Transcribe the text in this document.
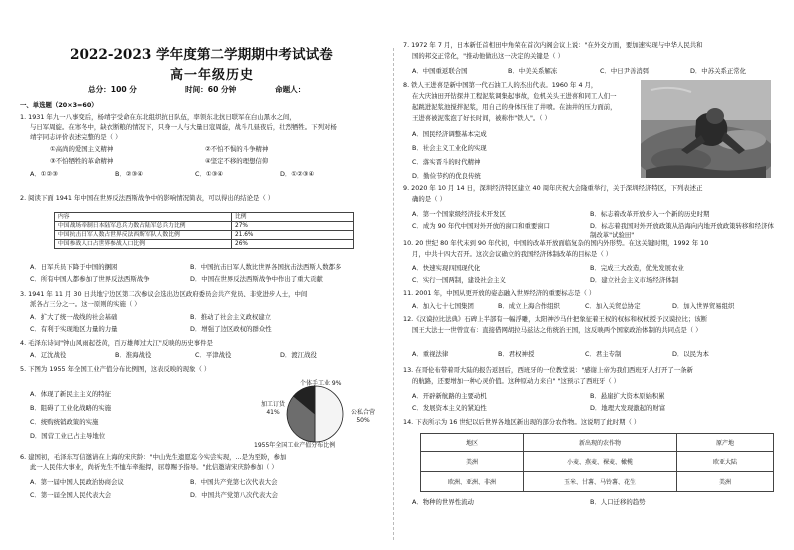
2022-2023 学年度第二学期期中考试试卷
高一年级历史
总分：100 分	时间：60 分钟	命题人：
一、单选题（20×3=60）
1. 1931 年九一八事变后，杨靖宇受命在东北组织抗日队伍，率领东北抗日联军在白山黑水之间，
与日军周旋。在寒冬中，缺衣断粮的情况下，只身一人与大量日寇周旋，战斗几昼夜后，壮烈牺牲。下列对杨
靖宇同志评价表述完整的是（ ）
①高尚的爱国主义精神	②不怕不惧的斗争精神
③不怕牺牲的革命精神	④坚定不移的理想信仰
A．①②③	B．②③④	C．①③④	D．①②③④
2. 阅读下面 1941 年中国在世界反法西斯战争中的影响情况简表，可以得出的结论是（ ）
内容	比例
中国战场牵制日本陆军总兵力数占陆军总兵力比例	27%
中国抗击日军人数占世界反法西斯军队人数比例	21.6%
中国参战人口占世界参战人口比例	26%
A．日军兵员下降于中国的捆困	B．中国抗击日军人数比世界各国抗击法西斯人数都多
C．所有中国人都参加了世界反法西斯战争	D．中国在世界反法西斯战争中作出了重大贡献
3. 1941 年 11 月 30 日共地宁边区第二次参议会选出边区政府委员会共产党员、非党进步人士，中间
派各占三分之一。这一原则的实施（ ）
A．扩大了统一战线的社会基础	B．推动了社会主义政权建立
C．有利于实现地区力量的力量	D．增强了边区政权的群众性
4. 毛泽东诗词"钟山风雨起苍黄，百万雄师过大江"反映的历史事件是
A．辽沈战役	B．淮海战役	C．平津战役	D．渡江战役
5. 下图为 1955 年全国工业产值分布比例图，这表反映的现象（ ）
A．体现了新民主主义的特征
B．阻碍了工业化战略的实施
C．统购统销政策的实施
D．国营工业已占主导地位
个体手工业 9%
加工订货 41%	公私合营 50%
1955年全国工业产值分布比例
6. 建国初，毛泽东写信邀请在上海的宋庆龄："中山先生遗愿迄今实尝实现，...是为至盼，参加
此一人民伟大事业，尚祈先生不恤车牵拖捍，屈尊赐予指导。"此信邀请宋庆龄参加（ ）
A．第一届中国人民政治协商会议	B．中国共产党第七次代表大会
C．第一届全国人民代表大会	D．中国共产党第八次代表大会
7. 1972 年 7 月，日本新任首相田中角荣在首次内阁会议上说："在外交方面，要加速实现与中华人民共和
国的邦交正常化，"推动他做出这一决定的关键是（ ）
A．中国重返联合国	B．中美关系解冻	C．中日尹善消弭	D．中苏关系正常化
8. 铁人王进喜是新中国第一代石油工人的杰出代表。1960 年 4 月，
在大庆油田开钻探井工程泥浆调集起事故，危机关头王进喜和同工人们一
起跳进泥浆池搅拌泥浆，用自己的身体压住了井喷。在油井的压力面前，
王进喜被泥浆泡了好长时间，被称作"铁人"。（ ）
A．国民经济调整基本完成
B．社会主义工业化的实现
C．落实晋斗的时代精神
D．勤俭节约的优良传统
9. 2020 年 10 月 14 日，深圳经济特区建立 40 周年庆祝大会隆重举行，关于深圳经济特区，下列表述正
确的是（ ）
A．第一个国家级经济技术开发区	B．标志着改革开放步入一个新的历史时期
C．成为 90 年代中国对外开放的窗口和重要窗口	D．标志着我国对外开放政策从沿海向内地开放政策转移和经济体制改革"试验田"
10. 20 世纪 80 年代末到 90 年代初，中国的改革开放面临复杂的国内外形势。在这关键时期，1992 年 10
月，中共十四大召开。这次会议确立的我国经济体制改革的目标是（ ）
A．快速实现四国现代化	B．完成三大改造，优先发展农业
C．实行一国两制，建设社会主义	D．建立社会主义市场经济体制
11. 2001 年，中国从更开放的姿态融入世界经济的重要标志是（ ）
A．加入七十七国集团	B．成立上海合作组织	C．加入关贸总协定	D．加入世界贸易组织
12.《汉谟拉比法典》石碑上半部有一幅浮雕，太阳神沙马什把象征着王权的权标和权杖授予汉谟拉比；该断
国王大法士一世曾宣布：直接借网胡拉马兹达之佑统治王国，这反映两个国家政治体制的共同点是（ ）
A．重视法律	B．君权神授	C．君主专制	D．以民为本
13. 在哥伦布带着哥大陆的报告返回后，西班牙的一位教堂说："感谢上帝为我们西班牙人打开了一条新
的航路，还要增加一种心灵价值。这种原动力来自" "这预示了西班牙（ ）
A．开辟新航路的主要动机	B．悬崖扩大资本原始积累
C．发展资本主义的紧迫性	D．地理大发现激起的财富
14. 下表所示为 16 世纪以后世界各地区新出现的部分农作物。这说明了此时期（ ）
地区	新出现的农作物	原产地
美洲	小麦、燕麦、裸麦、橄榄	欧亚大陆
欧洲、亚洲、非洲	玉米、甘薯、马铃薯、花生	美洲
A．物种的世界性流动	B．人口迁移的趋势
